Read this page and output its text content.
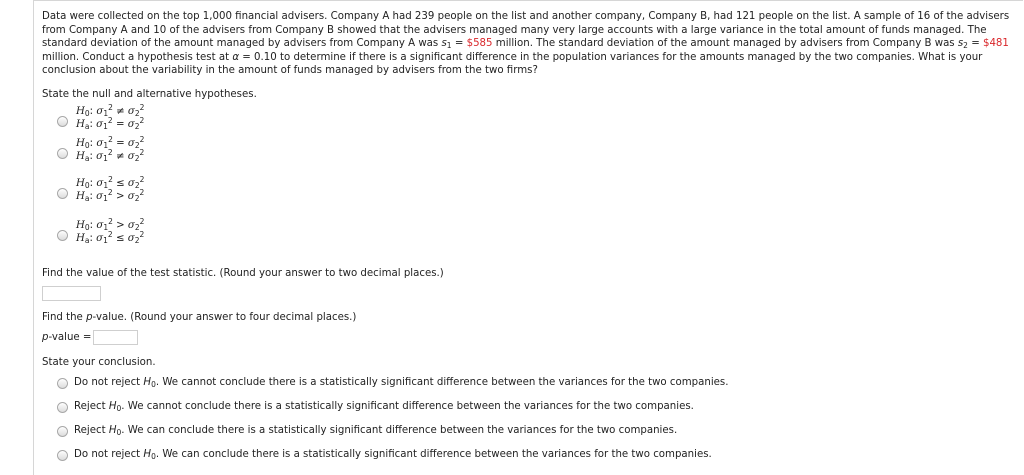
Data were collected on the top 1,000 financial advisers. Company A had 239 people on the list and another company, Company B, had 121 people on the list. A sample of 16 of the advisers from Company A and 10 of the advisers from Company B showed that the advisers managed many very large accounts with a large variance in the total amount of funds managed. The standard deviation of the amount managed by advisers from Company A was $s_1$ = $585 million. The standard deviation of the amount managed by advisers from Company B was $s_2$ = $481 million. Conduct a hypothesis test at α = 0.10 to determine if there is a significant difference in the population variances for the amounts managed by the two companies. What is your conclusion about the variability in the amount of funds managed by advisers from the two firms?
State the null and alternative hypotheses.
$H_0$: $\sigma_1^2 \ne \sigma_2^2$
$H_a$: $\sigma_1^2 = \sigma_2^2$
$H_0$: $\sigma_1^2 = \sigma_2^2$
$H_a$: $\sigma_1^2 \ne \sigma_2^2$
$H_0$: $\sigma_1^2 \le \sigma_2^2$
$H_a$: $\sigma_1^2 > \sigma_2^2$
$H_0$: $\sigma_1^2 > \sigma_2^2$
$H_a$: $\sigma_1^2 \le \sigma_2^2$
Find the value of the test statistic. (Round your answer to two decimal places.)
Find the p-value. (Round your answer to four decimal places.)
p-value =
State your conclusion.
Do not reject $H_0$. We cannot conclude there is a statistically significant difference between the variances for the two companies.
Reject $H_0$. We cannot conclude there is a statistically significant difference between the variances for the two companies.
Reject $H_0$. We can conclude there is a statistically significant difference between the variances for the two companies.
Do not reject $H_0$. We can conclude there is a statistically significant difference between the variances for the two companies.
